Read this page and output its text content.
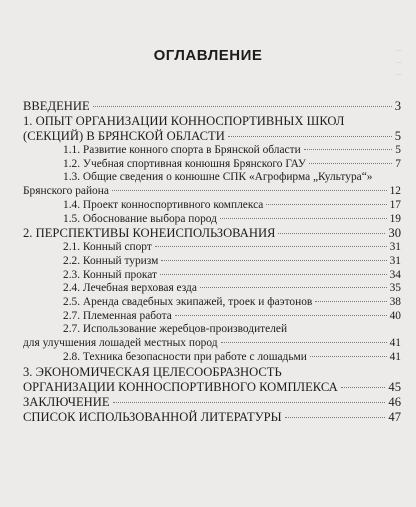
...
...
...
ОГЛАВЛЕНИЕ
ВВЕДЕНИЕ	3
1. ОПЫТ ОРГАНИЗАЦИИ КОННОСПОРТИВНЫХ ШКОЛ
(СЕКЦИЙ) В БРЯНСКОЙ ОБЛАСТИ	5
1.1. Развитие конного спорта в Брянской области	5
1.2. Учебная спортивная конюшня Брянского ГАУ	7
1.3. Общие сведения о конюшне СПК «Агрофирма „Культура“»
Брянского района	12
1.4. Проект конноспортивного комплекса	17
1.5. Обоснование выбора пород	19
2. ПЕРСПЕКТИВЫ КОНЕИСПОЛЬЗОВАНИЯ	30
2.1. Конный спорт	31
2.2. Конный туризм	31
2.3. Конный прокат	34
2.4. Лечебная верховая езда	35
2.5. Аренда свадебных экипажей, троек и фаэтонов	38
2.7. Племенная работа	40
2.7. Использование жеребцов-производителей
для улучшения лошадей местных пород	41
2.8. Техника безопасности при работе с лошадьми	41
3. ЭКОНОМИЧЕСКАЯ ЦЕЛЕСООБРАЗНОСТЬ
ОРГАНИЗАЦИИ КОННОСПОРТИВНОГО КОМПЛЕКСА	45
ЗАКЛЮЧЕНИЕ	46
СПИСОК ИСПОЛЬЗОВАННОЙ ЛИТЕРАТУРЫ	47
